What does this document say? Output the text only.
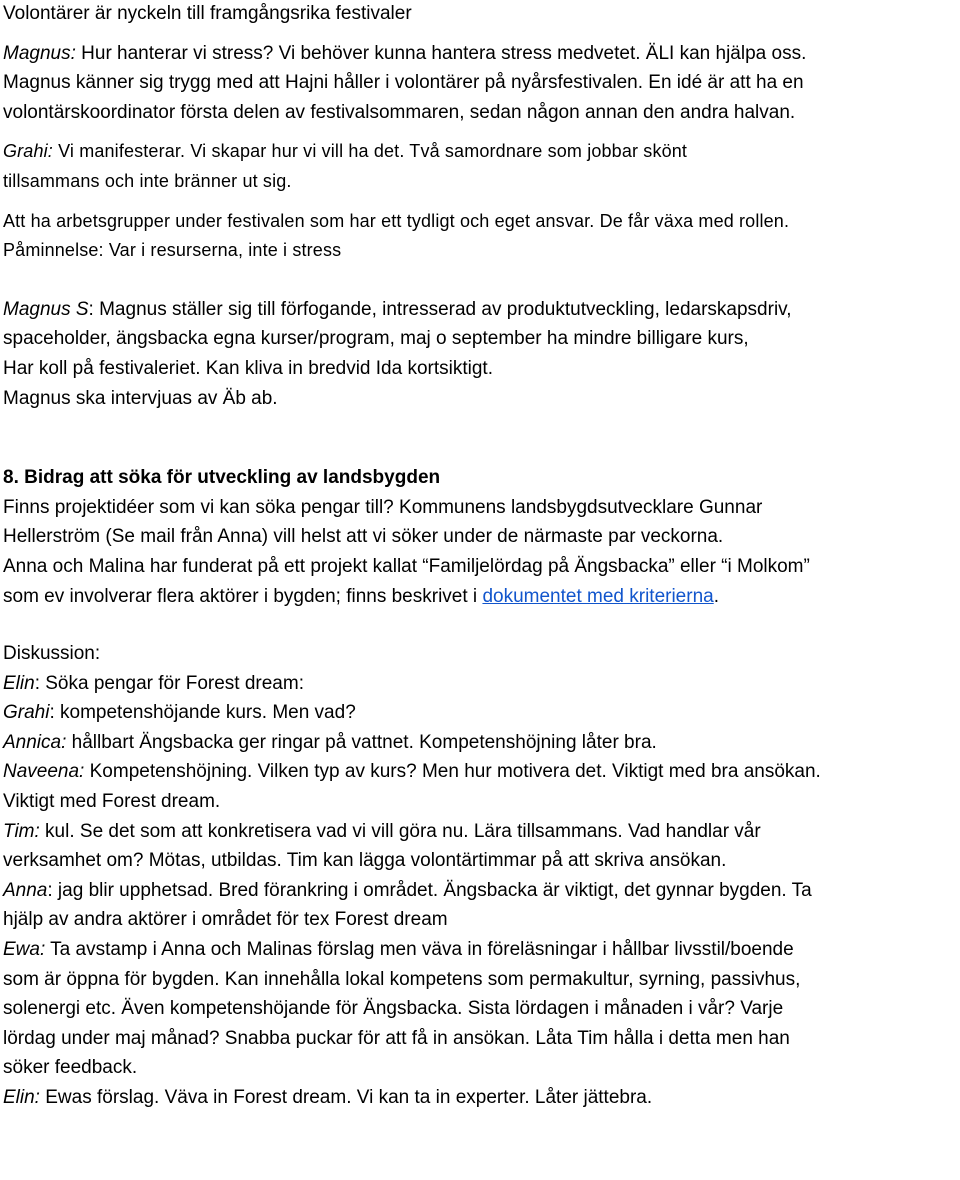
Volontärer är nyckeln till framgångsrika festivaler

Magnus: Hur hanterar vi stress? Vi behöver kunna hantera stress medvetet. ÄLI kan hjälpa oss.

Magnus känner sig trygg med att Hajni håller i volontärer på nyårsfestivalen. En idé är att ha en

volontärskoordinator första delen av festivalsommaren, sedan någon annan den andra halvan.

Grahi: Vi manifesterar. Vi skapar hur vi vill ha det. Två samordnare som jobbar skönt

tillsammans och inte bränner ut sig.

Att ha arbetsgrupper under festivalen som har ett tydligt och eget ansvar. De får växa med rollen.

Påminnelse: Var i resurserna, inte i stress

Magnus S: Magnus ställer sig till förfogande, intresserad av produktutveckling, ledarskapsdriv,

spaceholder, ängsbacka egna kurser/program, maj o september ha mindre billigare kurs,

Har koll på festivaleriet. Kan kliva in bredvid Ida kortsiktigt.

Magnus ska intervjuas av Äb ab.

8. Bidrag att söka för utveckling av landsbygden

Finns projektidéer som vi kan söka pengar till? Kommunens landsbygdsutvecklare Gunnar

Hellerström (Se mail från Anna) vill helst att vi söker under de närmaste par veckorna.

Anna och Malina har funderat på ett projekt kallat “Familjelördag på Ängsbacka” eller “i Molkom”

som ev involverar flera aktörer i bygden; finns beskrivet i dokumentet med kriterierna.

Diskussion:

Elin: Söka pengar för Forest dream:

Grahi: kompetenshöjande kurs. Men vad?

Annica: hållbart Ängsbacka ger ringar på vattnet. Kompetenshöjning låter bra.

Naveena: Kompetenshöjning. Vilken typ av kurs? Men hur motivera det. Viktigt med bra ansökan.

Viktigt med Forest dream.

Tim: kul. Se det som att konkretisera vad vi vill göra nu. Lära tillsammans. Vad handlar vår

verksamhet om? Mötas, utbildas. Tim kan lägga volontärtimmar på att skriva ansökan.

Anna: jag blir upphetsad. Bred förankring i området. Ängsbacka är viktigt, det gynnar bygden. Ta

hjälp av andra aktörer i området för tex Forest dream

Ewa: Ta avstamp i Anna och Malinas förslag men väva in föreläsningar i hållbar livsstil/boende

som är öppna för bygden. Kan innehålla lokal kompetens som permakultur, syrning, passivhus,

solenergi etc. Även kompetenshöjande för Ängsbacka. Sista lördagen i månaden i vår? Varje

lördag under maj månad? Snabba puckar för att få in ansökan. Låta Tim hålla i detta men han

söker feedback.

Elin: Ewas förslag. Väva in Forest dream. Vi kan ta in experter. Låter jättebra.
